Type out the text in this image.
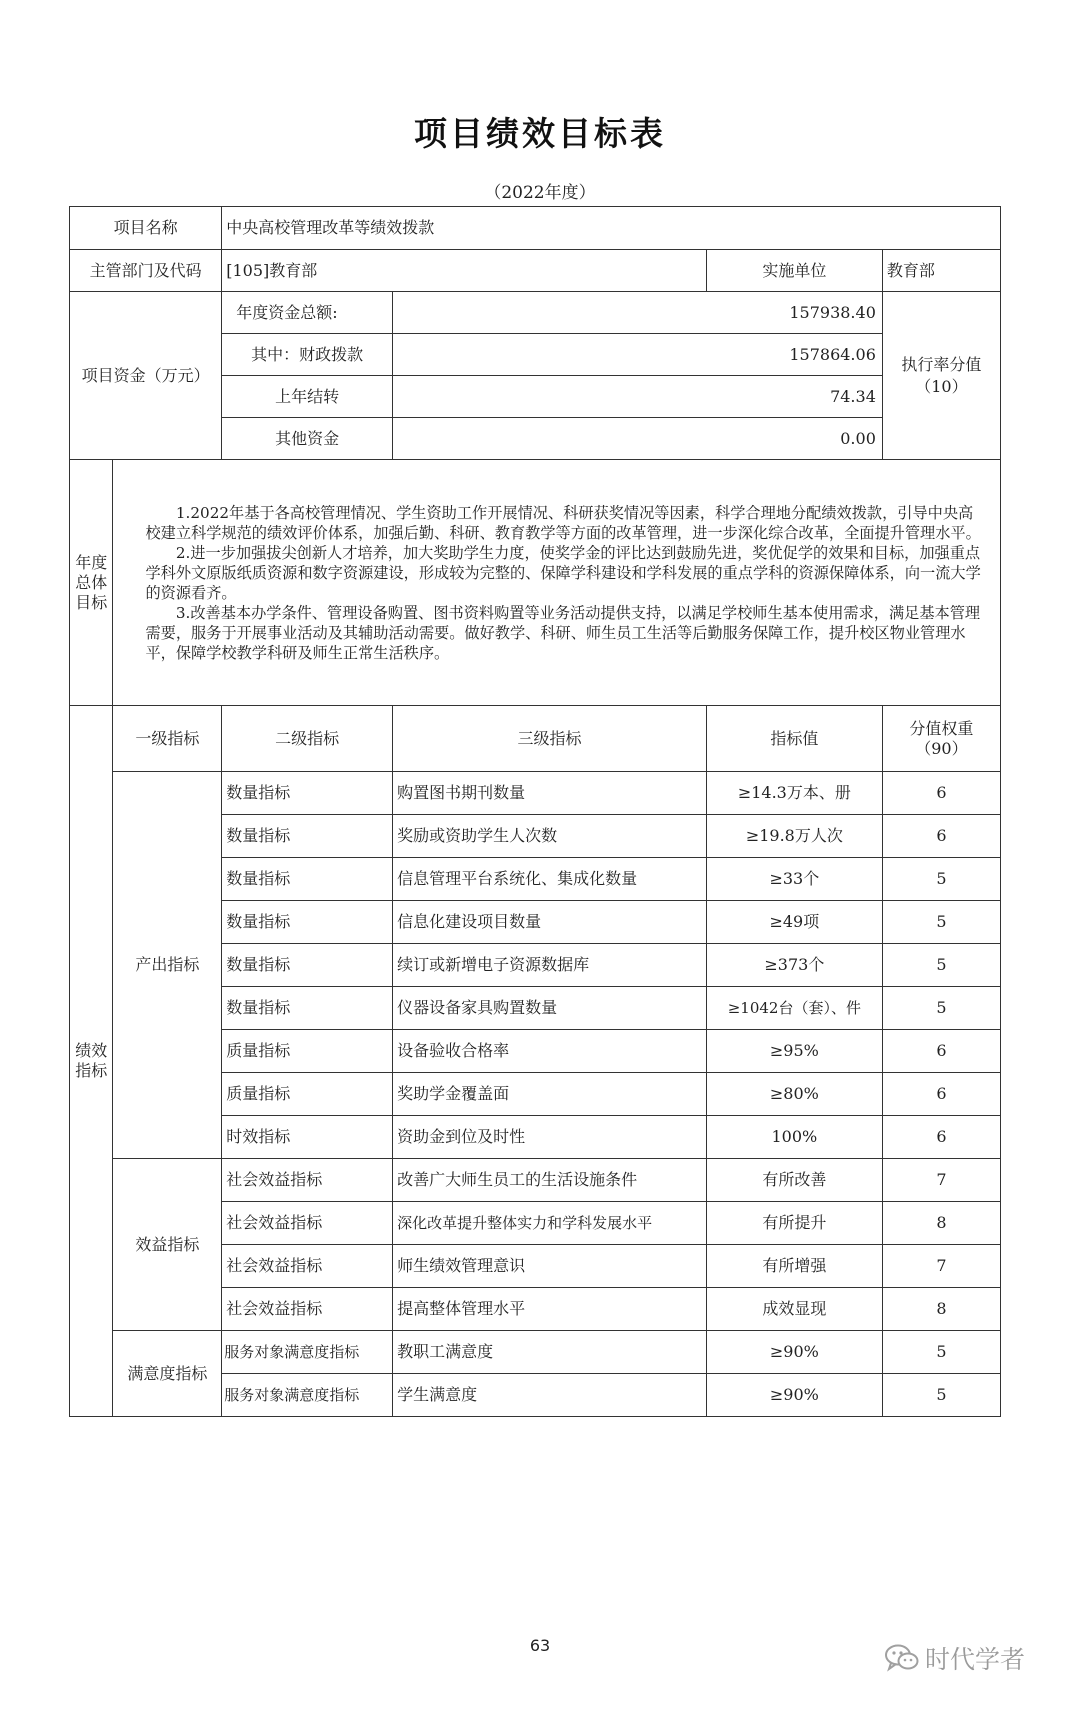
项目绩效目标表
（2022年度）
项目名称		中央高校管理改革等绩效拨款			
主管部门及代码		[105]教育部		实施单位	教育部
项目资金（万元）		年度资金总额:	157938.40		执行率分值
（10）

		其中：财政拨款	157864.06		
		上年结转	74.34		
		其他资金	0.00		
年度总体目标	1.2022年基于各高校管理情况、学生资助工作开展情况、科研获奖情况等因素，科学合理地分配绩效拨款，引导中央高校建立科学规范的绩效评价体系，加强后勤、科研、教育教学等方面的改革管理，进一步深化综合改革，全面提升管理水平。

2.进一步加强拔尖创新人才培养，加大奖助学生力度，使奖学金的评比达到鼓励先进，奖优促学的效果和目标，加强重点学科外文原版纸质资源和数字资源建设，形成较为完整的、保障学科建设和学科发展的重点学科的资源保障体系，向一流大学的资源看齐。

3.改善基本办学条件、管理设备购置、图书资料购置等业务活动提供支持，以满足学校师生基本使用需求，满足基本管理需要，服务于开展事业活动及其辅助活动需要。做好教学、科研、师生员工生活等后勤服务保障工作，提升校区物业管理水平，保障学校教学科研及师生正常生活秩序。				

绩效指标	一级指标	二级指标	三级指标	指标值	分值权重（90）
	产出指标	数量指标	购置图书期刊数量	≥14.3万本、册	6
		数量指标	奖励或资助学生人次数	≥19.8万人次	6
		数量指标	信息管理平台系统化、集成化数量	≥33个	5
		数量指标	信息化建设项目数量	≥49项	5
		数量指标	续订或新增电子资源数据库	≥373个	5
		数量指标	仪器设备家具购置数量	≥1042台（套）、件	5
		质量指标	设备验收合格率	≥95%	6
		质量指标	奖助学金覆盖面	≥80%	6
		时效指标	资助金到位及时性	100%	6
	效益指标	社会效益指标	改善广大师生员工的生活设施条件	有所改善	7
		社会效益指标	深化改革提升整体实力和学科发展水平	有所提升	8
		社会效益指标	师生绩效管理意识	有所增强	7
		社会效益指标	提高整体管理水平	成效显现	8
	满意度指标	服务对象满意度指标	教职工满意度	≥90%	5
		服务对象满意度指标	学生满意度	≥90%	5
63	时代学者
